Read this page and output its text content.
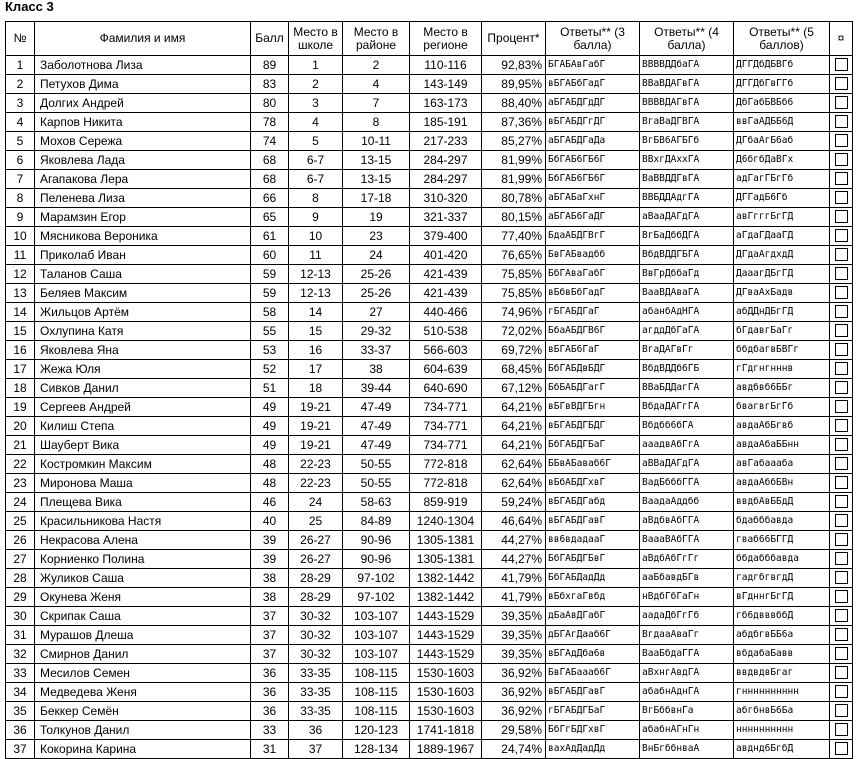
Класс 3
№	Фамилия и имя	Балл	Место в школе	Место в районе	Место в регионе	Процент*	Ответы** (3 балла)	Ответы** (4 балла)	Ответы** (5 баллов)	¤
1	Заболотнова Лиза	89	1	2	110-116	92,83%	БГАБАвГабГ	ВВВВДДбаГА	ДГГДбДБВГб	
2	Петухов Дима	83	2	4	143-149	89,95%	вБГАБбГадГ	ВВаВДАГвГА	ДГГДбГвГГб	
3	Долгих Андрей	80	3	7	163-173	88,40%	аБГАБДГдДГ	ВВВВДАГвГА	ДбГабБВБб6	
4	Карпов Никита	78	4	8	185-191	87,36%	вБГАБДГгДГ	ВгаВаДГВГА	ввГаАДББ6Д	
5	Мохов Сережа	74	5	10-11	217-233	85,27%	аБГАБДГаДа	ВгБВ6АГБГб	ДГбаАгБ6аб	
6	Яковлева Лада	68	6-7	13-15	284-297	81,99%	БбГАБ6ГБ6Г	ВВхгДАххГА	Д6бгбДаВГх	
7	Агапакова Лера	68	6-7	13-15	284-297	81,99%	БбГАБ6ГБ6Г	ВаВВДДГвГА	адГагГБгГб	
8	Пеленева Лиза	66	8	17-18	310-320	80,78%	аБГАБаГхнГ	ВВБДДАдгГА	ДГГадБ6Гб	
9	Марамзин Егор	65	9	19	321-337	80,15%	аБГАБ6ГаДГ	аВааДАГдГА	авГгггБгГД	
10	Мясникова Вероника	61	10	23	379-400	77,40%	БдаАБДГВгГ	ВгБаДббДГА	аГдаГДааГД	
11	Приколаб Иван	60	11	24	401-420	76,65%	БвГАБвадбб	ВбдВДДГБГА	ДГдаАгдхдД	
12	Таланов Саша	59	12-13	25-26	421-439	75,85%	БбГАваГабГ	ВвГрДббаГд	ДааагДБгГД	
13	Беляев Максим	59	12-13	25-26	421-439	75,85%	вБбвБбГадГ	ВааВДАваГА	ДГваАхБадв	
14	Жильцов Артём	58	14	27	440-466	74,96%	гБГАБДГаГ	абанбАдНГА	абДДнДБгГД	
15	Охлупина Катя	55	15	29-32	510-538	72,02%	БбаАБДГВ6Г	агддДбГаГА	бГдавгБаГг	
16	Яковлева Яна	53	16	33-37	566-603	69,72%	вБГАБ6ГаГ	ВгаДАГвГг	ббдбагвБВГг	
17	Жежа Юля	52	17	38	604-639	68,45%	БбГАБДвБДГ	ВбдВДДб6ГБ	гГдгнгнннв	
18	Сивков Данил	51	18	39-44	640-690	67,12%	БбБАБДГагГ	ВВаБДДагГА	авдбвб6ББг	
19	Сергеев Андрей	49	19-21	47-49	734-771	64,21%	вБГвВДГБгн	ВбдаДАГгГА	бвагвгБгГб	
20	Килиш Степа	49	19-21	47-49	734-771	64,21%	вБГАБДГБДГ	Вбдбб6бГА	авдаАбБгвб	
21	Шауберт Вика	49	19-21	47-49	734-771	64,21%	БбГАБДГБаГ	ааадвАбГгА	авдаАбаББнн	
22	Костромкин Максим	48	22-23	50-55	772-818	62,64%	ББвАБаваб6Г	аВВаДАГдГА	авГабаааба	
23	Миронова Маша	48	22-23	50-55	772-818	62,64%	вБбАБДГхвГ	ВадБбббГГА	авдаАббБВн	
24	Плещева Вика	46	24	58-63	859-919	59,24%	вБГАБДГабд	ВаадаАддбб	ввдбАвББдД	
25	Красильникова Настя	40	25	84-89	1240-1304	46,64%	вБГАБДГавГ	аВдбвАбГГА	бдабббавда	
26	Некрасова Алена	39	26-27	90-96	1305-1381	44,27%	вв6вдадааГ	ВаааВАбГГА	гваб66БГГД	
27	Корниенко Полина	39	26-27	90-96	1305-1381	44,27%	БбГАБДГБвГ	аВдбАбГгГг	ббдабббавда	
28	Жуликов Саша	38	28-29	97-102	1382-1442	41,79%	БбГАБДадДд	ааБбавдБГв	гадгбгвгдД	
29	Окунева Женя	38	28-29	97-102	1382-1442	41,79%	вБбхгаГвбд	нВдбГбГаГн	вГдннгБгГД	
30	Скрипак Саша	37	30-32	103-107	1443-1529	39,35%	дБаАвДГабГ	аадаДбГгГб	гб6двввббД	
31	Мурашов Длеша	37	30-32	103-107	1443-1529	39,35%	дБГАгДааб6Г	ВгдааАваГг	абдбгвББ6а	
32	Смирнов Данил	37	30-32	103-107	1443-1529	39,35%	вБГАдДба6в	ВааБбдаГГА	вбдабаБавв	
33	Месилов Семен	36	33-35	108-115	1530-1603	36,92%	БвГАБаааб6Г	аВхнгАвдГА	ввдвдвБгаг	
34	Медведева Женя	36	33-35	108-115	1530-1603	36,92%	вБГАБДГавГ	абабнАднГА	гнннннннннн	
35	Беккер Семён	36	33-35	108-115	1530-1603	36,92%	гБГАБДГБаГ	ВгБббвнГа	абгбнвБ6Ба	
36	Толкунов Данил	33	36	120-123	1741-1818	29,58%	БбГгБДГхвГ	абабнАГнГн	нннннннннн	
37	Кокорина Карина	31	37	128-134	1889-1967	24,74%	вахАдДадДд	ВнБгббнваА	авднд6БгбД	
